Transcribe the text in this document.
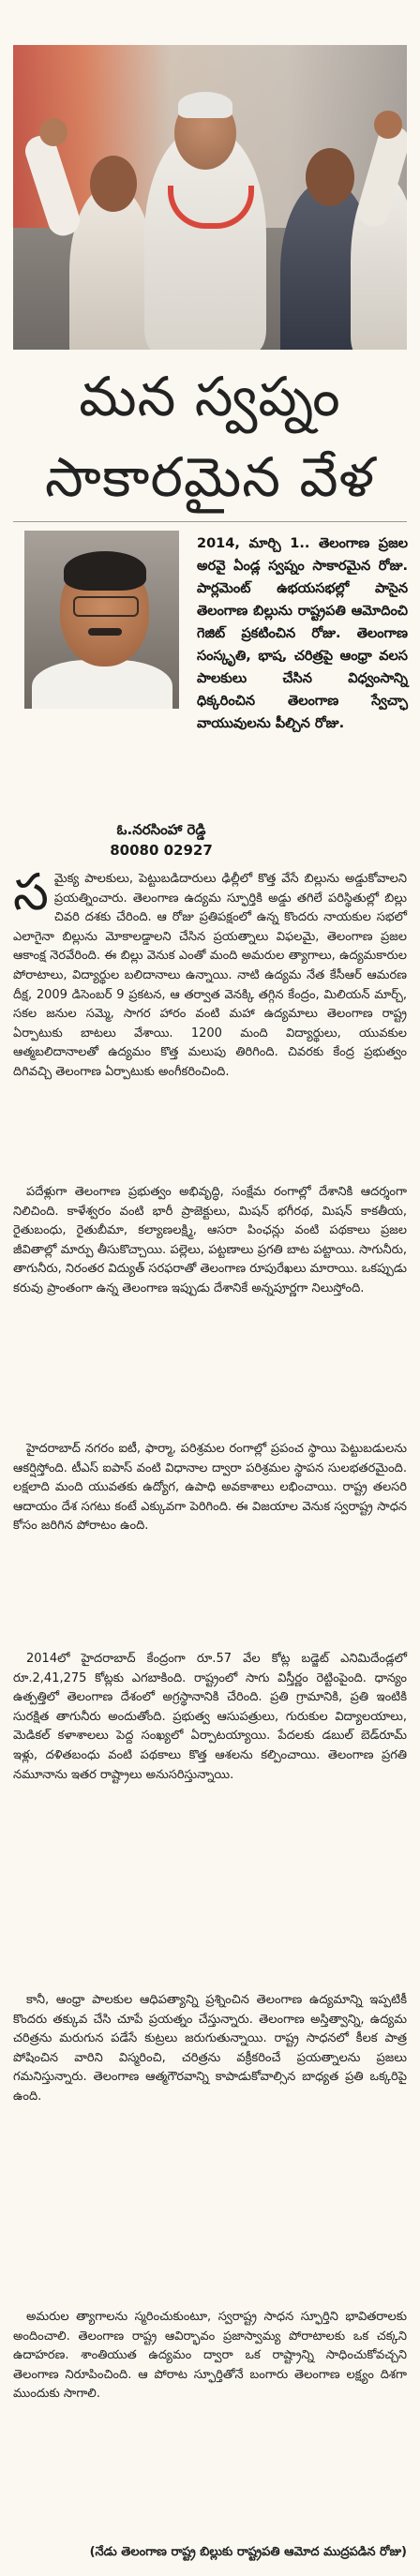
మన స్వప్నం
సాకారమైన వేళ
2014, మార్చి 1.. తెలంగాణ ప్రజల అరవై ఏండ్ల స్వప్నం సాకారమైన రోజు. పార్లమెంట్ ఉభయసభల్లో పాసైన తెలంగాణ బిల్లును రాష్ట్రపతి ఆమోదించి గెజిట్ ప్రకటించిన రోజు. తెలంగాణ సంస్కృతి, భాష, చరిత్రపై ఆంధ్రా వలస పాలకులు చేసిన విధ్వంసాన్ని ధిక్కరించిన తెలంగాణ స్వేచ్ఛా వాయువులను పీల్చిన రోజు.
ఓ.నరసింహా రెడ్డి
80080 02927
స మైక్య పాలకులు, పెట్టుబడిదారులు ఢిల్లీలో కొత్త వేసే బిల్లును అడ్డుకోవాలని ప్రయత్నించారు. తెలంగాణ ఉద్యమ స్ఫూర్తికి అడ్డు తగిలే పరిస్థితుల్లో బిల్లు చివరి దశకు చేరింది. ఆ రోజు ప్రతిపక్షంలో ఉన్న కొందరు నాయకుల సభలో ఎలాగైనా బిల్లును మోకాలడ్డాలని చేసిన ప్రయత్నాలు విఫలమై, తెలంగాణ ప్రజల ఆకాంక్ష నెరవేరింది. ఈ బిల్లు వెనుక ఎంతో మంది అమరుల త్యాగాలు, ఉద్యమకారుల పోరాటాలు, విద్యార్థుల బలిదానాలు ఉన్నాయి. నాటి ఉద్యమ నేత కేసీఆర్ ఆమరణ దీక్ష, 2009 డిసెంబర్ 9 ప్రకటన, ఆ తర్వాత వెనక్కి తగ్గిన కేంద్రం, మిలియన్ మార్చ్, సకల జనుల సమ్మె, సాగర హారం వంటి మహా ఉద్యమాలు తెలంగాణ రాష్ట్ర ఏర్పాటుకు బాటలు వేశాయి. 1200 మంది విద్యార్థులు, యువకుల ఆత్మబలిదానాలతో ఉద్యమం కొత్త మలుపు తిరిగింది. చివరకు కేంద్ర ప్రభుత్వం దిగివచ్చి తెలంగాణ ఏర్పాటుకు అంగీకరించింది.

పదేళ్లుగా తెలంగాణ ప్రభుత్వం అభివృద్ధి, సంక్షేమ రంగాల్లో దేశానికి ఆదర్శంగా నిలిచింది. కాళేశ్వరం వంటి భారీ ప్రాజెక్టులు, మిషన్ భగీరథ, మిషన్ కాకతీయ, రైతుబంధు, రైతుబీమా, కల్యాణలక్ష్మి, ఆసరా పింఛన్లు వంటి పథకాలు ప్రజల జీవితాల్లో మార్పు తీసుకొచ్చాయి. పల్లెలు, పట్టణాలు ప్రగతి బాట పట్టాయి. సాగునీరు, తాగునీరు, నిరంతర విద్యుత్ సరఫరాతో తెలంగాణ రూపురేఖలు మారాయి. ఒకప్పుడు కరువు ప్రాంతంగా ఉన్న తెలంగాణ ఇప్పుడు దేశానికే అన్నపూర్ణగా నిలుస్తోంది.

హైదరాబాద్ నగరం ఐటీ, ఫార్మా, పరిశ్రమల రంగాల్లో ప్రపంచ స్థాయి పెట్టుబడులను ఆకర్షిస్తోంది. టీఎస్ ఐపాస్ వంటి విధానాల ద్వారా పరిశ్రమల స్థాపన సులభతరమైంది. లక్షలాది మంది యువతకు ఉద్యోగ, ఉపాధి అవకాశాలు లభించాయి. రాష్ట్ర తలసరి ఆదాయం దేశ సగటు కంటే ఎక్కువగా పెరిగింది. ఈ విజయాల వెనుక స్వరాష్ట్ర సాధన కోసం జరిగిన పోరాటం ఉంది.

2014లో హైదరాబాద్ కేంద్రంగా రూ.57 వేల కోట్ల బడ్జెట్ ఎనిమిదేండ్లలో రూ.2,41,275 కోట్లకు ఎగబాకింది. రాష్ట్రంలో సాగు విస్తీర్ణం రెట్టింపైంది. ధాన్యం ఉత్పత్తిలో తెలంగాణ దేశంలో అగ్రస్థానానికి చేరింది. ప్రతి గ్రామానికి, ప్రతి ఇంటికి సురక్షిత తాగునీరు అందుతోంది. ప్రభుత్వ ఆసుపత్రులు, గురుకుల విద్యాలయాలు, మెడికల్ కళాశాలలు పెద్ద సంఖ్యలో ఏర్పాటయ్యాయి. పేదలకు డబుల్ బెడ్‌రూమ్ ఇళ్లు, దళితబంధు వంటి పథకాలు కొత్త ఆశలను కల్పించాయి. తెలంగాణ ప్రగతి నమూనాను ఇతర రాష్ట్రాలు అనుసరిస్తున్నాయి.

కానీ, ఆంధ్రా పాలకుల ఆధిపత్యాన్ని ప్రశ్నించిన తెలంగాణ ఉద్యమాన్ని ఇప్పటికీ కొందరు తక్కువ చేసి చూపే ప్రయత్నం చేస్తున్నారు. తెలంగాణ అస్తిత్వాన్ని, ఉద్యమ చరిత్రను మరుగున పడేసే కుట్రలు జరుగుతున్నాయి. రాష్ట్ర సాధనలో కీలక పాత్ర పోషించిన వారిని విస్మరించి, చరిత్రను వక్రీకరించే ప్రయత్నాలను ప్రజలు గమనిస్తున్నారు. తెలంగాణ ఆత్మగౌరవాన్ని కాపాడుకోవాల్సిన బాధ్యత ప్రతి ఒక్కరిపై ఉంది.

అమరుల త్యాగాలను స్మరించుకుంటూ, స్వరాష్ట్ర సాధన స్ఫూర్తిని భావితరాలకు అందించాలి. తెలంగాణ రాష్ట్ర ఆవిర్భావం ప్రజాస్వామ్య పోరాటాలకు ఒక చక్కని ఉదాహరణ. శాంతియుత ఉద్యమం ద్వారా ఒక రాష్ట్రాన్ని సాధించుకోవచ్చని తెలంగాణ నిరూపించింది. ఆ పోరాట స్ఫూర్తితోనే బంగారు తెలంగాణ లక్ష్యం దిశగా ముందుకు సాగాలి.

(నేడు తెలంగాణ రాష్ట్ర బిల్లుకు రాష్ట్రపతి ఆమోద ముద్రపడిన రోజు)
